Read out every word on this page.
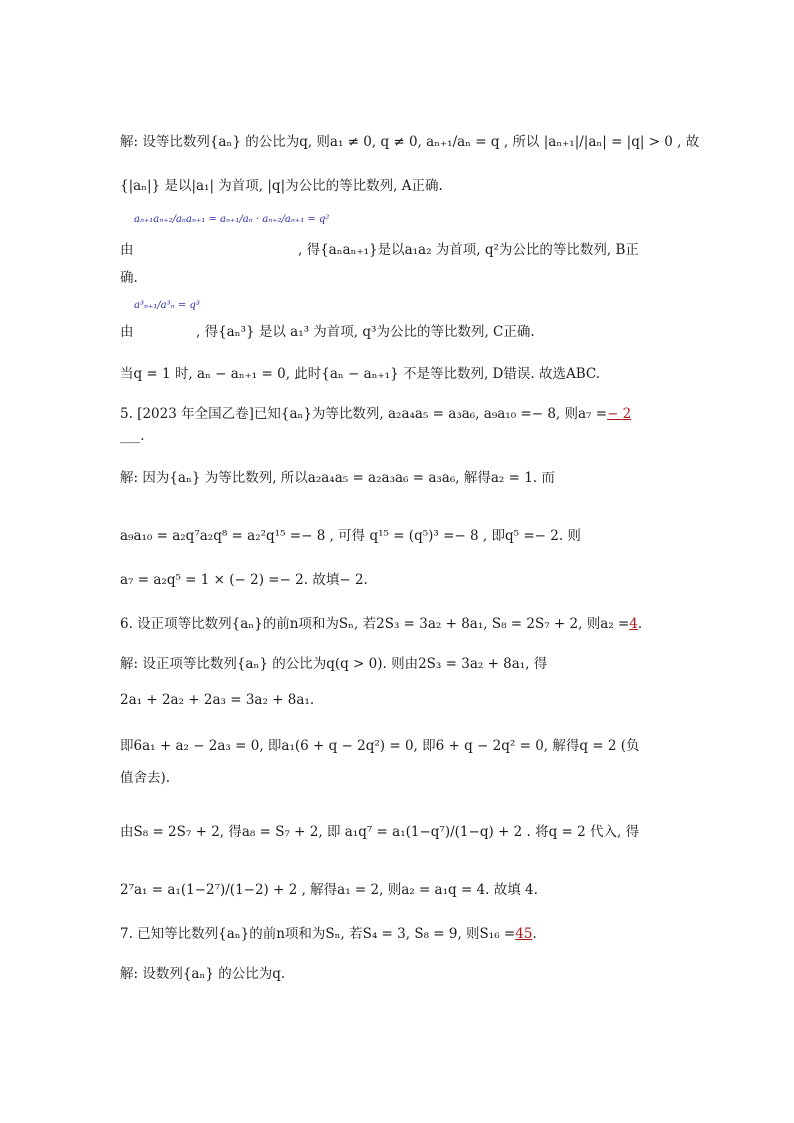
解: 设等比数列{aₙ} 的公比为q, 则a₁ ≠ 0, q ≠ 0, aₙ₊₁/aₙ = q , 所以 |aₙ₊₁|/|aₙ| = |q| > 0 , 故
{|aₙ|} 是以|a₁| 为首项, |q|为公比的等比数列, A正确.
aₙ₊₁aₙ₊₂/aₙaₙ₊₁ = aₙ₊₁/aₙ · aₙ₊₂/aₙ₊₁ = q²
由	, 得{aₙaₙ₊₁}是以a₁a₂ 为首项, q²为公比的等比数列, B正
确.
a³ₙ₊₁/a³ₙ = q³
由	, 得{aₙ³} 是以 a₁³ 为首项, q³为公比的等比数列, C正确.
当q = 1 时, aₙ − aₙ₊₁ = 0, 此时{aₙ − aₙ₊₁} 不是等比数列, D错误. 故选ABC.
5. [2023 年全国乙卷]已知{aₙ}为等比数列, a₂a₄a₅ = a₃a₆, a₉a₁₀ =− 8, 则a₇ =− 2
___.
解: 因为{aₙ} 为等比数列, 所以a₂a₄a₅ = a₂a₃a₆ = a₃a₆, 解得a₂ = 1. 而
a₉a₁₀ = a₂q⁷a₂q⁸ = a₂²q¹⁵ =− 8 , 可得 q¹⁵ = (q⁵)³ =− 8 , 即q⁵ =− 2. 则
a₇ = a₂q⁵ = 1 × (− 2) =− 2. 故填− 2.
6. 设正项等比数列{aₙ}的前n项和为Sₙ, 若2S₃ = 3a₂ + 8a₁, S₈ = 2S₇ + 2, 则a₂ =4.
解: 设正项等比数列{aₙ} 的公比为q(q > 0). 则由2S₃ = 3a₂ + 8a₁, 得
2a₁ + 2a₂ + 2a₃ = 3a₂ + 8a₁.
即6a₁ + a₂ − 2a₃ = 0, 即a₁(6 + q − 2q²) = 0, 即6 + q − 2q² = 0, 解得q = 2 (负
值舍去).
由S₈ = 2S₇ + 2, 得a₈ = S₇ + 2, 即 a₁q⁷ = a₁(1−q⁷)/(1−q) + 2 . 将q = 2 代入, 得
2⁷a₁ = a₁(1−2⁷)/(1−2) + 2 , 解得a₁ = 2, 则a₂ = a₁q = 4. 故填 4.
7. 已知等比数列{aₙ}的前n项和为Sₙ, 若S₄ = 3, S₈ = 9, 则S₁₆ =45.
解: 设数列{aₙ} 的公比为q.
